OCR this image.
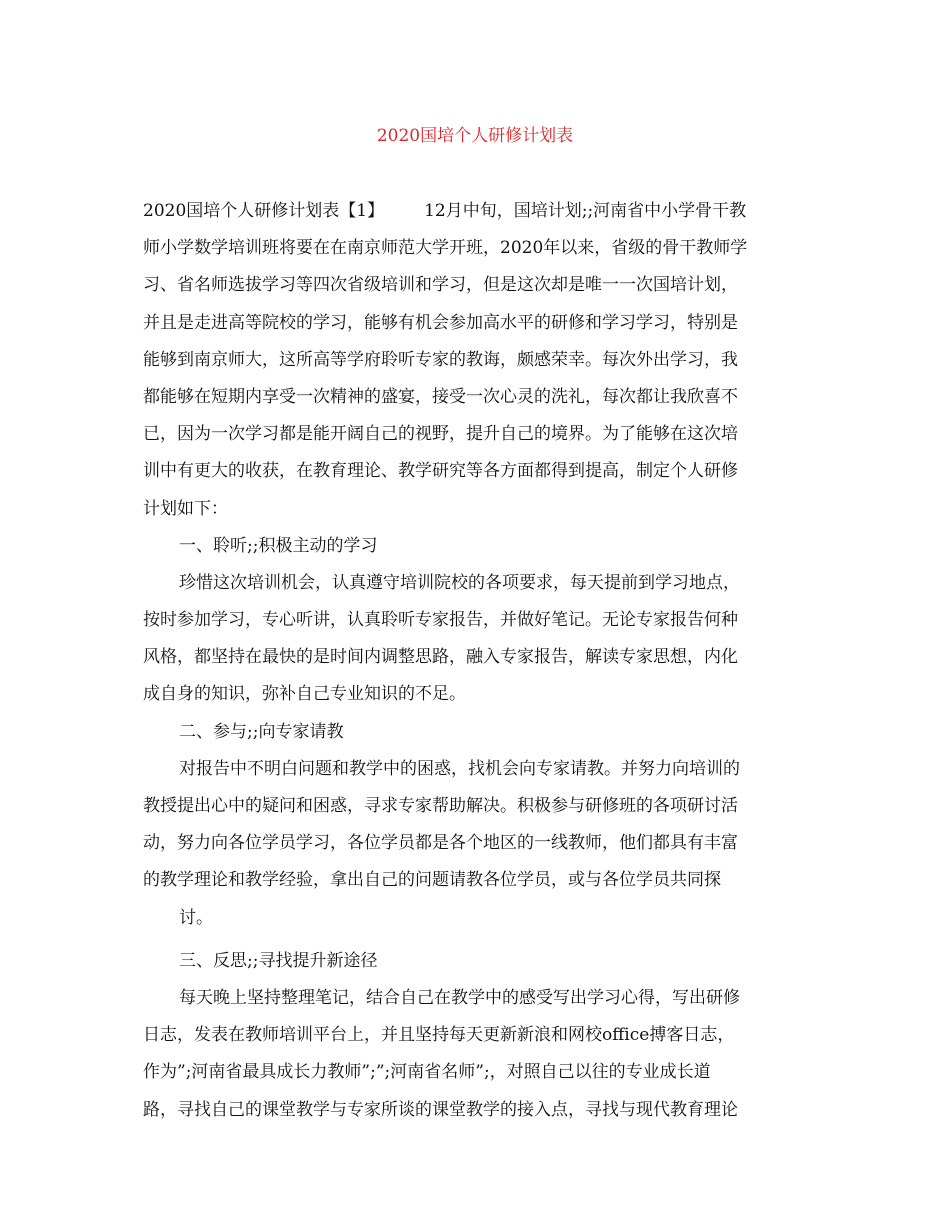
2020国培个人研修计划表
2020国培个人研修计划表【1】 12月中旬，国培计划;;河南省中小学骨干教
师小学数学培训班将要在在南京师范大学开班，2020年以来，省级的骨干教师学
习、省名师选拔学习等四次省级培训和学习，但是这次却是唯一一次国培计划，
并且是走进高等院校的学习，能够有机会参加高水平的研修和学习学习，特别是
能够到南京师大，这所高等学府聆听专家的教诲，颇感荣幸。每次外出学习，我
都能够在短期内享受一次精神的盛宴，接受一次心灵的洗礼，每次都让我欣喜不
已，因为一次学习都是能开阔自己的视野，提升自己的境界。为了能够在这次培
训中有更大的收获，在教育理论、教学研究等各方面都得到提高，制定个人研修
计划如下：
一、聆听;;积极主动的学习
珍惜这次培训机会，认真遵守培训院校的各项要求，每天提前到学习地点，
按时参加学习，专心听讲，认真聆听专家报告，并做好笔记。无论专家报告何种
风格，都坚持在最快的是时间内调整思路，融入专家报告，解读专家思想，内化
成自身的知识，弥补自己专业知识的不足。
二、参与;;向专家请教
对报告中不明白问题和教学中的困惑，找机会向专家请教。并努力向培训的
教授提出心中的疑问和困惑，寻求专家帮助解决。积极参与研修班的各项研讨活
动，努力向各位学员学习，各位学员都是各个地区的一线教师，他们都具有丰富
的教学理论和教学经验，拿出自己的问题请教各位学员，或与各位学员共同探
讨。
三、反思;;寻找提升新途径
每天晚上坚持整理笔记，结合自己在教学中的感受写出学习心得，写出研修
日志，发表在教师培训平台上，并且坚持每天更新新浪和网校office搏客日志，
作为”;河南省最具成长力教师”;”;河南省名师”;，对照自己以往的专业成长道
路，寻找自己的课堂教学与专家所谈的课堂教学的接入点，寻找与现代教育理论
